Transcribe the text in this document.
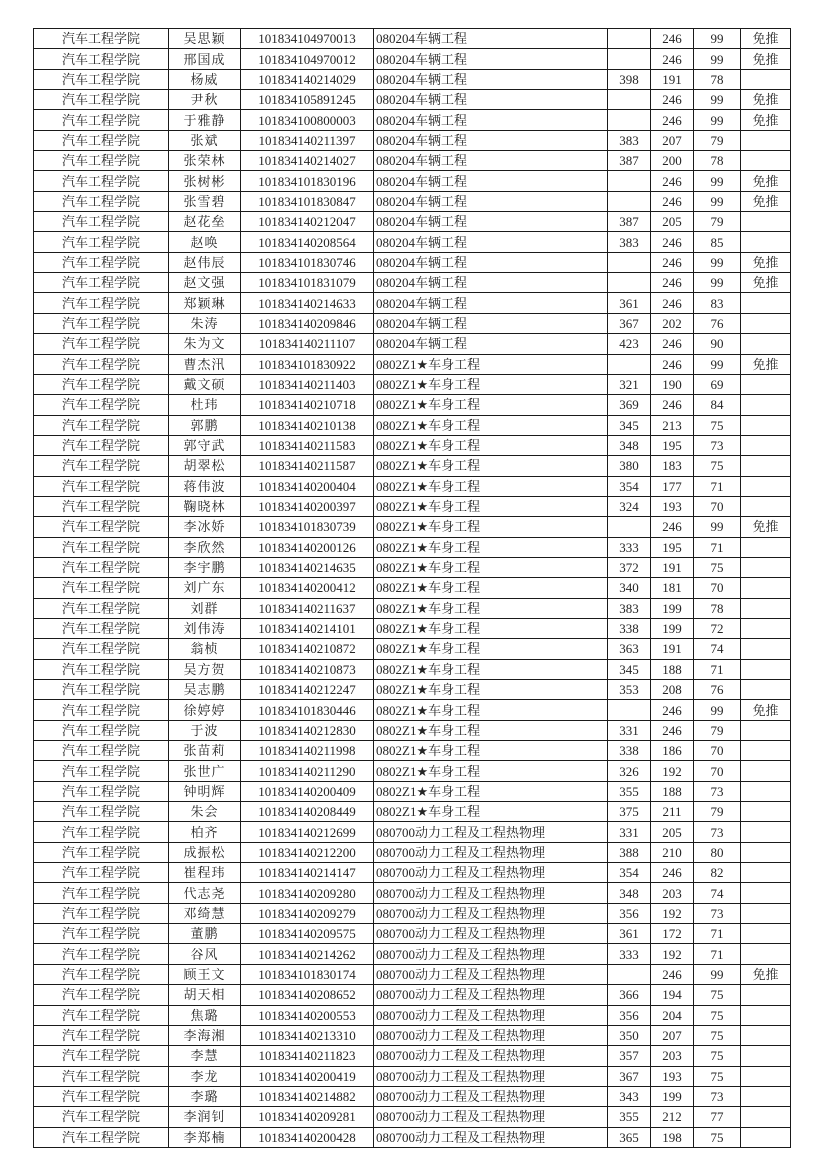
汽车工程学院	吴思颖	101834104970013	080204车辆工程		246	99	免推
汽车工程学院	邢国成	101834104970012	080204车辆工程		246	99	免推
汽车工程学院	杨威	101834140214029	080204车辆工程	398	191	78	
汽车工程学院	尹秋	101834105891245	080204车辆工程		246	99	免推
汽车工程学院	于雅静	101834100800003	080204车辆工程		246	99	免推
汽车工程学院	张斌	101834140211397	080204车辆工程	383	207	79	
汽车工程学院	张荣林	101834140214027	080204车辆工程	387	200	78	
汽车工程学院	张树彬	101834101830196	080204车辆工程		246	99	免推
汽车工程学院	张雪碧	101834101830847	080204车辆工程		246	99	免推
汽车工程学院	赵花垒	101834140212047	080204车辆工程	387	205	79	
汽车工程学院	赵唤	101834140208564	080204车辆工程	383	246	85	
汽车工程学院	赵伟辰	101834101830746	080204车辆工程		246	99	免推
汽车工程学院	赵文强	101834101831079	080204车辆工程		246	99	免推
汽车工程学院	郑颖琳	101834140214633	080204车辆工程	361	246	83	
汽车工程学院	朱涛	101834140209846	080204车辆工程	367	202	76	
汽车工程学院	朱为文	101834140211107	080204车辆工程	423	246	90	
汽车工程学院	曹杰汛	101834101830922	0802Z1★车身工程		246	99	免推
汽车工程学院	戴文硕	101834140211403	0802Z1★车身工程	321	190	69	
汽车工程学院	杜玮	101834140210718	0802Z1★车身工程	369	246	84	
汽车工程学院	郭鹏	101834140210138	0802Z1★车身工程	345	213	75	
汽车工程学院	郭守武	101834140211583	0802Z1★车身工程	348	195	73	
汽车工程学院	胡翠松	101834140211587	0802Z1★车身工程	380	183	75	
汽车工程学院	蒋伟波	101834140200404	0802Z1★车身工程	354	177	71	
汽车工程学院	鞠晓林	101834140200397	0802Z1★车身工程	324	193	70	
汽车工程学院	李冰娇	101834101830739	0802Z1★车身工程		246	99	免推
汽车工程学院	李欣然	101834140200126	0802Z1★车身工程	333	195	71	
汽车工程学院	李宇鹏	101834140214635	0802Z1★车身工程	372	191	75	
汽车工程学院	刘广东	101834140200412	0802Z1★车身工程	340	181	70	
汽车工程学院	刘群	101834140211637	0802Z1★车身工程	383	199	78	
汽车工程学院	刘伟涛	101834140214101	0802Z1★车身工程	338	199	72	
汽车工程学院	翁桢	101834140210872	0802Z1★车身工程	363	191	74	
汽车工程学院	吴方贺	101834140210873	0802Z1★车身工程	345	188	71	
汽车工程学院	吴志鹏	101834140212247	0802Z1★车身工程	353	208	76	
汽车工程学院	徐婷婷	101834101830446	0802Z1★车身工程		246	99	免推
汽车工程学院	于波	101834140212830	0802Z1★车身工程	331	246	79	
汽车工程学院	张苗莉	101834140211998	0802Z1★车身工程	338	186	70	
汽车工程学院	张世广	101834140211290	0802Z1★车身工程	326	192	70	
汽车工程学院	钟明辉	101834140200409	0802Z1★车身工程	355	188	73	
汽车工程学院	朱会	101834140208449	0802Z1★车身工程	375	211	79	
汽车工程学院	柏齐	101834140212699	080700动力工程及工程热物理	331	205	73	
汽车工程学院	成振松	101834140212200	080700动力工程及工程热物理	388	210	80	
汽车工程学院	崔程玮	101834140214147	080700动力工程及工程热物理	354	246	82	
汽车工程学院	代志尧	101834140209280	080700动力工程及工程热物理	348	203	74	
汽车工程学院	邓绮慧	101834140209279	080700动力工程及工程热物理	356	192	73	
汽车工程学院	董鹏	101834140209575	080700动力工程及工程热物理	361	172	71	
汽车工程学院	谷风	101834140214262	080700动力工程及工程热物理	333	192	71	
汽车工程学院	顾王文	101834101830174	080700动力工程及工程热物理		246	99	免推
汽车工程学院	胡天相	101834140208652	080700动力工程及工程热物理	366	194	75	
汽车工程学院	焦璐	101834140200553	080700动力工程及工程热物理	356	204	75	
汽车工程学院	李海湘	101834140213310	080700动力工程及工程热物理	350	207	75	
汽车工程学院	李慧	101834140211823	080700动力工程及工程热物理	357	203	75	
汽车工程学院	李龙	101834140200419	080700动力工程及工程热物理	367	193	75	
汽车工程学院	李璐	101834140214882	080700动力工程及工程热物理	343	199	73	
汽车工程学院	李润钊	101834140209281	080700动力工程及工程热物理	355	212	77	
汽车工程学院	李郑楠	101834140200428	080700动力工程及工程热物理	365	198	75	
